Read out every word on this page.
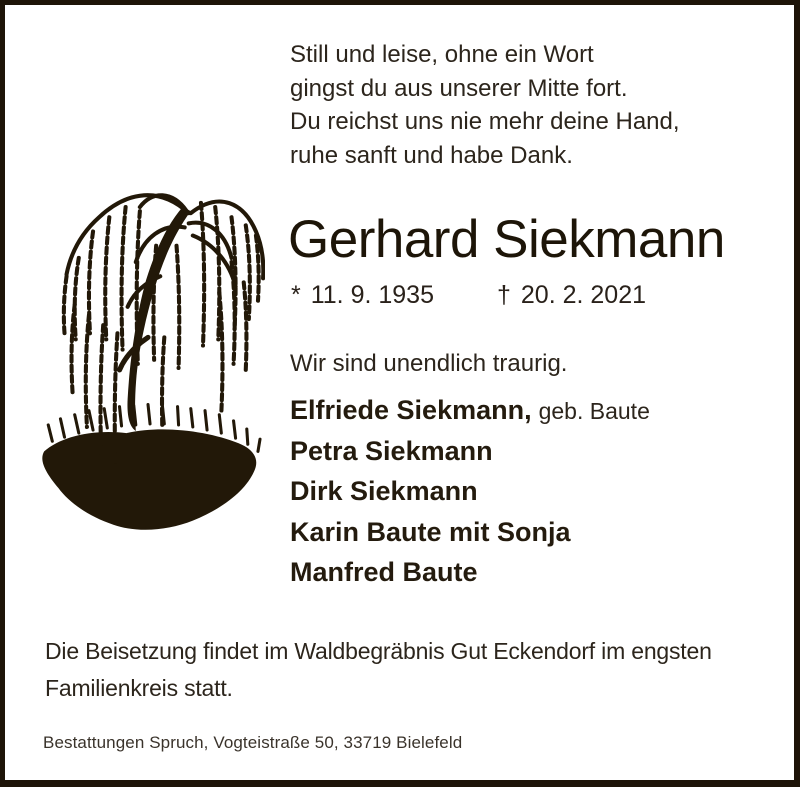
Still und leise, ohne ein Wort
gingst du aus unserer Mitte fort.
Du reichst uns nie mehr deine Hand,
ruhe sanft und habe Dank.
Gerhard Siekmann
* 11. 9. 1935	† 20. 2. 2021
Wir sind unendlich traurig.
Elfriede Siekmann, geb. Baute
Petra Siekmann
Dirk Siekmann
Karin Baute mit Sonja
Manfred Baute
Die Beisetzung findet im Waldbegräbnis Gut Eckendorf im engsten
Familienkreis statt.
Bestattungen Spruch, Vogteistraße 50, 33719 Bielefeld
